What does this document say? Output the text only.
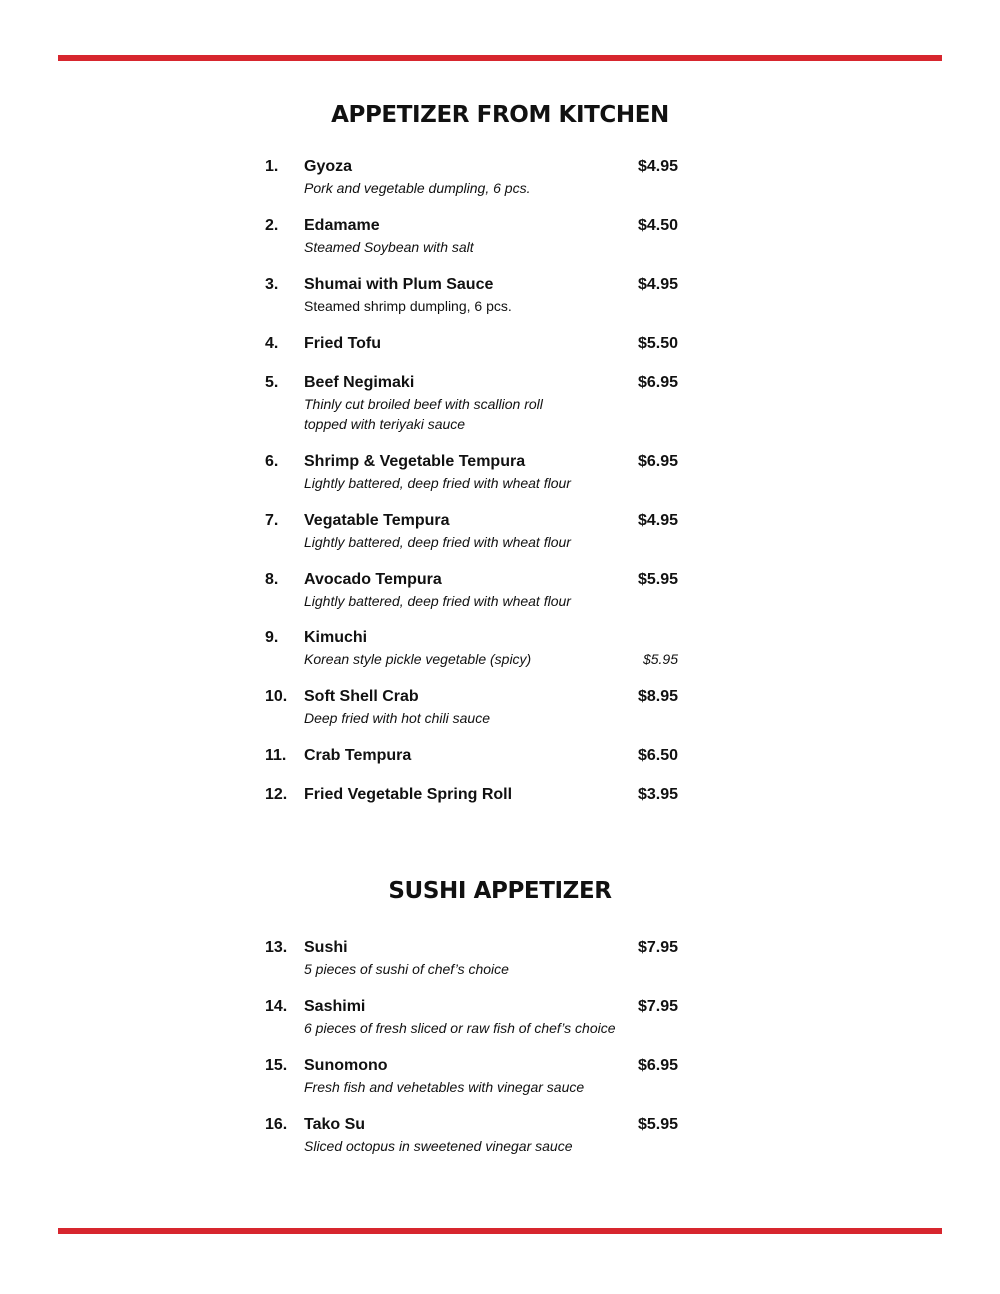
APPETIZER FROM KITCHEN
1. Gyoza	$4.95
Pork and vegetable dumpling, 6 pcs.
2. Edamame	$4.50
Steamed Soybean with salt
3. Shumai with Plum Sauce	$4.95
Steamed shrimp dumpling, 6 pcs.
4. Fried Tofu	$5.50
5. Beef Negimaki	$6.95
Thinly cut broiled beef with scallion roll
topped with teriyaki sauce
6. Shrimp & Vegetable Tempura	$6.95
Lightly battered, deep fried with wheat flour
7. Vegatable Tempura	$4.95
Lightly battered, deep fried with wheat flour
8. Avocado Tempura	$5.95
Lightly battered, deep fried with wheat flour
9. Kimuchi
Korean style pickle vegetable (spicy)	$5.95
10. Soft Shell Crab	$8.95
Deep fried with hot chili sauce
11. Crab Tempura	$6.50
12. Fried Vegetable Spring Roll	$3.95
SUSHI APPETIZER
13. Sushi	$7.95
5 pieces of sushi of chef’s choice
14. Sashimi	$7.95
6 pieces of fresh sliced or raw fish of chef’s choice
15. Sunomono	$6.95
Fresh fish and vehetables with vinegar sauce
16. Tako Su	$5.95
Sliced octopus in sweetened vinegar sauce
